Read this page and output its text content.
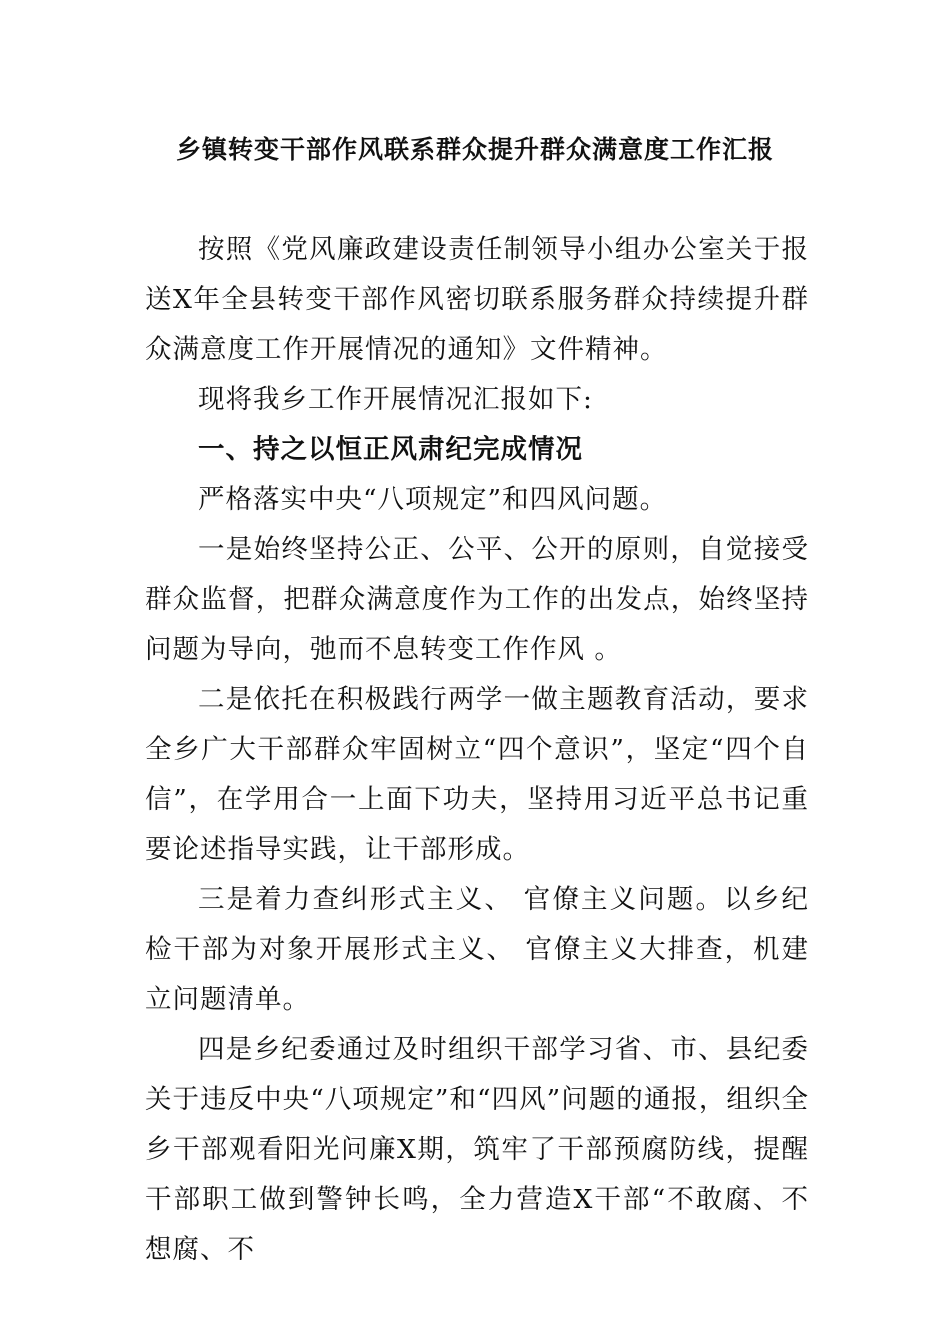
乡镇转变干部作风联系群众提升群众满意度工作汇报

按照《党风廉政建设责任制领导小组办公室关于报送X年全县转变干部作风密切联系服务群众持续提升群众满意度工作开展情况的通知》文件精神。

现将我乡工作开展情况汇报如下:

一、持之以恒正风肃纪完成情况

严格落实中央“八项规定”和四风问题。

一是始终坚持公正、公平、公开的原则，自觉接受群众监督，把群众满意度作为工作的出发点，始终坚持问题为导向，弛而不息转变工作作风 。

二是依托在积极践行两学一做主题教育活动，要求全乡广大干部群众牢固树立“四个意识”，坚定“四个自信”，在学用合一上面下功夫，坚持用习近平总书记重要论述指导实践，让干部形成。

三是着力查纠形式主义、 官僚主义问题。以乡纪检干部为对象开展形式主义、 官僚主义大排查，机建立问题清单。

四是乡纪委通过及时组织干部学习省、市、县纪委关于违反中央“八项规定”和“四风”问题的通报，组织全乡干部观看阳光问廉X期，筑牢了干部预腐防线，提醒干部职工做到警钟长鸣，全力营造X干部“不敢腐、不想腐、不
